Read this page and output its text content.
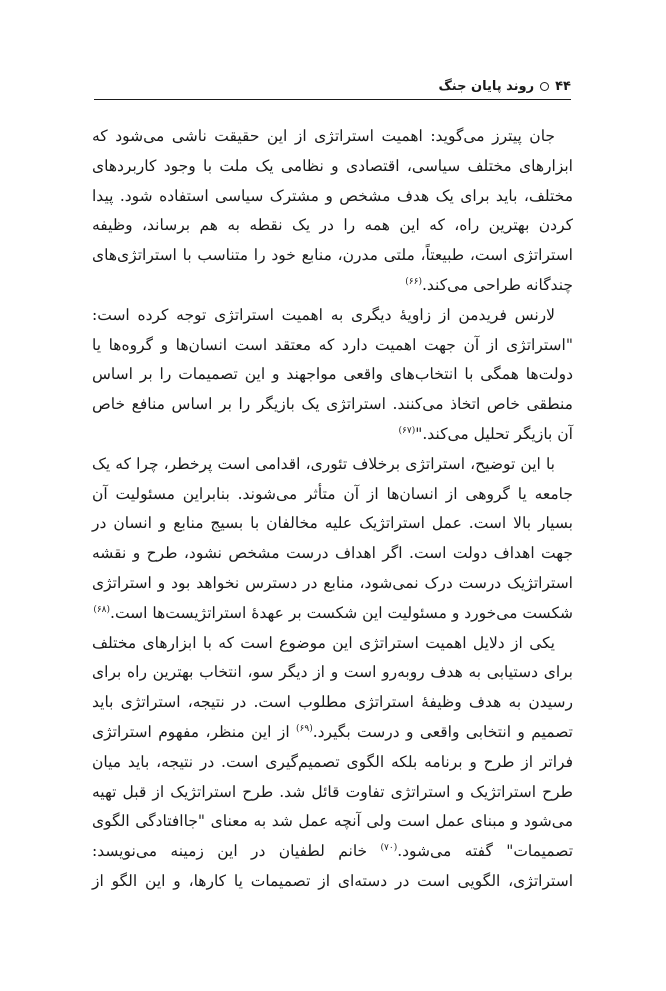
۴۴
روند پایان جنگ

جان پیترز می‌گوید: اهمیت استراتژی از این حقیقت ناشی می‌شود که ابزارهای مختلف سیاسی، اقتصادی و نظامی یک ملت با وجود کاربردهای مختلف، باید برای یک هدف مشخص و مشترک سیاسی استفاده شود. پیدا کردن بهترین راه، که این همه را در یک نقطه به هم برساند، وظیفه استراتژی است، طبیعتاً، ملتی مدرن، منابع خود را متناسب با استراتژی‌های چندگانه طراحی می‌کند.$^{(۶۶)}$

لارنس فریدمن از زاویهٔ دیگری به اهمیت استراتژی توجه کرده است: "استراتژی از آن جهت اهمیت دارد که معتقد است انسان‌ها و گروه‌ها یا دولت‌ها همگی با انتخاب‌های واقعی مواجهند و این تصمیمات را بر اساس منطقی خاص اتخاذ می‌کنند. استراتژی یک بازیگر را بر اساس منافع خاص آن بازیگر تحلیل می‌کند."$^{(۶۷)}$

با این توضیح، استراتژی برخلاف تئوری، اقدامی است پرخطر، چرا که یک جامعه یا گروهی از انسان‌ها از آن متأثر می‌شوند. بنابراین مسئولیت آن بسیار بالا است. عمل استراتژیک علیه مخالفان با بسیج منابع و انسان در جهت اهداف دولت است. اگر اهداف درست مشخص نشود، طرح و نقشه استراتژیک درست درک نمی‌شود، منابع در دسترس نخواهد بود و استراتژی شکست می‌خورد و مسئولیت این شکست بر عهدهٔ استراتژیست‌ها است.$^{(۶۸)}$

یکی از دلایل اهمیت استراتژی این موضوع است که با ابزارهای مختلف برای دستیابی به هدف روبه‌رو است و از دیگر سو، انتخاب بهترین راه برای رسیدن به هدف وظیفهٔ استراتژی مطلوب است. در نتیجه، استراتژی باید تصمیم و انتخابی واقعی و درست بگیرد.$^{(۶۹)}$ از این منظر، مفهوم استراتژی فراتر از طرح و برنامه بلکه الگوی تصمیم‌گیری است. در نتیجه، باید میان طرح استراتژیک و استراتژی تفاوت قائل شد. طرح استراتژیک از قبل تهیه می‌شود و مبنای عمل است ولی آنچه عمل شد به معنای "جاافتادگی الگوی تصمیمات" گفته می‌شود.$^{(۷۰)}$ خانم لطفیان در این زمینه می‌نویسد: استراتژی، الگویی است در دسته‌ای از تصمیمات یا کارها، و این الگو از
